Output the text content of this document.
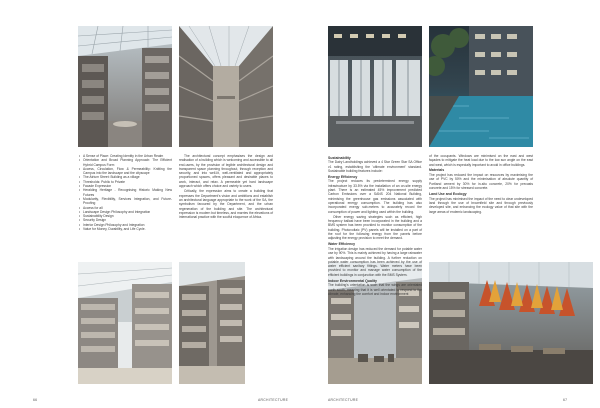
• A Sense of Place: Creating Identity in the Urban Realm
• Orientation and Broad Planning Approach: The Efficient Hybrid Campus Form
• Access, Circulation, Flow & Permeability: Knitting the Campus into the landscape and the cityscape
• The Atrium Street: Building as a village
• Thresholds: Public to Private
• Facade Expression
• Heralding Heritage - Recognising Historic Making New Futures
• Modularity, Flexibility, Services Integration, and Future-Proofing
• Access for all
• Landscape Design Philosophy and Integration
• Sustainability Design
• Security Design
• Interior Design Philosophy and Integration
• Value for Money, Durability, and Life Cycle.

The architectural concept emphasises the design and realisation of a building which is welcoming and accessible to all end-users, by the provision of legible architectural design and transparent space planning throughout, through reception and security, and into well-lit, well-ventilated and appropriately proportioned spaces, offers pleasant and desirable places to work, interact, and relax. A permeable yet hard landscape approach which offers choice and variety to users.

Critically, the expression aims to create a building that expresses the Department's vision and ambitions and establish an architectural language appropriate to the work of the SA, the symbolism favoured by the Department, and the urban regeneration of the building and site. The architectural expression is modern but timeless, and marries the elevations of international practice with the soulful eloquence of Africa.

66	ARCHITECTURE
Sustainability

The Dairy Landholdings achieved a 4 Star Green Star SA Office v1 rating, establishing the 'ultimate environment' standard. Sustainable building features include:

Energy Efficiency

The project reduces its predetermined energy supply infrastructure by 33.5% via the installation of an on-site energy plant. There is an estimated 45% improvement predicted Carbon Emissions over a SANS 204 National Building, minimising the greenhouse gas emissions associated with operational energy consumption. The building has also incorporated energy sub-meters to accurately record the consumption of power and lighting used within the building.

Other energy saving strategies such as efficient, high frequency ballast have been incorporated in the building and a BMS system has been provided to monitor consumption of the building. Photovoltaic (PV) panels will be installed on a part of the roof for the following energy from the panels before adjusting the energy provision to meet the demand.

Water Efficiency

The irrigation design has reduced the demand for potable water use by 90%. This is mainly achieved by having a large rainwater with landscaping around the building. A further reduction on potable water consumption has been achieved by the use of water efficient sanitary fittings. Water meters have been provided to monitor and manage water consumption of the efficient buildings in conjunction with the BMS System.

Indoor Environmental Quality

The building's orientation is such that the wings are orientated north south, meaning that it is well orientated to respond to the climate, enhancing the comfort and indoor environment

of the occupants. Windows are minimised on the east and west façades to mitigate the heat load due to the low sun angle on the east and west, which is especially important to avoid in office buildings.

Materials

The project has reduced the impact on resources by maximising the use of PVC by 50% and the minimisation of absolute quantity of Portland cement by 30% for in-situ concrete, 20% for precasts concrete and 15% for stressed concrete.

Land Use and Ecology

The project has minimised the impact of the need to clear undeveloped land through the use of brownfield site and through previously developed site, and enhancing the ecology value of that site with the large areas of endemic landscaping.

ARCHITECTURE	67
